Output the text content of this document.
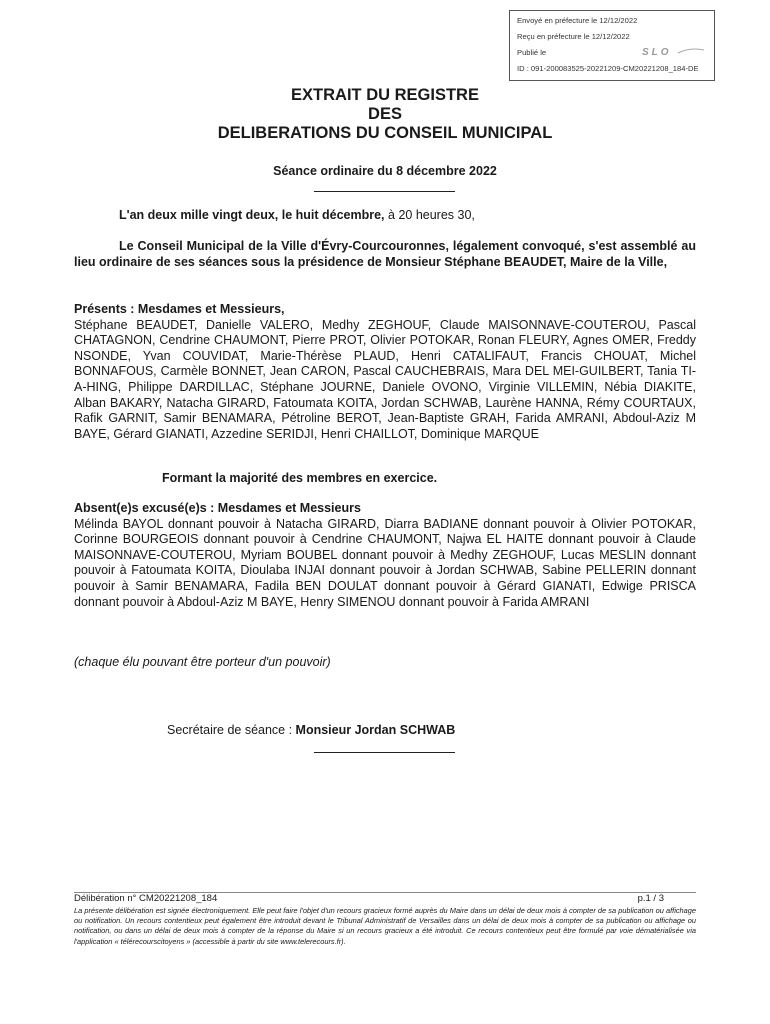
Envoyé en préfecture le 12/12/2022
Reçu en préfecture le 12/12/2022
Publié le
ID : 091-200083525-20221209-CM20221208_184-DE
SLO
EXTRAIT DU REGISTRE
DES
DELIBERATIONS DU CONSEIL MUNICIPAL
Séance ordinaire du 8 décembre 2022

L'an deux mille vingt deux, le huit décembre, à 20 heures 30,

Le Conseil Municipal de la Ville d'Évry-Courcouronnes, légalement convoqué, s'est assemblé au lieu ordinaire de ses séances sous la présidence de Monsieur Stéphane BEAUDET, Maire de la Ville,

Présents : Mesdames et Messieurs,

Stéphane BEAUDET, Danielle VALERO, Medhy ZEGHOUF, Claude MAISONNAVE-COUTEROU, Pascal CHATAGNON, Cendrine CHAUMONT, Pierre PROT, Olivier POTOKAR, Ronan FLEURY, Agnes OMER, Freddy NSONDE, Yvan COUVIDAT, Marie-Thérèse PLAUD, Henri CATALIFAUT, Francis CHOUAT, Michel BONNAFOUS, Carmèle BONNET, Jean CARON, Pascal CAUCHEBRAIS, Mara DEL MEI-GUILBERT, Tania TI-A-HING, Philippe DARDILLAC, Stéphane JOURNE, Daniele OVONO, Virginie VILLEMIN, Nébia DIAKITE, Alban BAKARY, Natacha GIRARD, Fatoumata KOITA, Jordan SCHWAB, Laurène HANNA, Rémy COURTAUX, Rafik GARNIT, Samir BENAMARA, Pétroline BEROT, Jean-Baptiste GRAH, Farida AMRANI, Abdoul-Aziz M BAYE, Gérard GIANATI, Azzedine SERIDJI, Henri CHAILLOT, Dominique MARQUE

Formant la majorité des membres en exercice.

Absent(e)s excusé(e)s : Mesdames et Messieurs

Mélinda BAYOL donnant pouvoir à Natacha GIRARD, Diarra BADIANE donnant pouvoir à Olivier POTOKAR, Corinne BOURGEOIS donnant pouvoir à Cendrine CHAUMONT, Najwa EL HAITE donnant pouvoir à Claude MAISONNAVE-COUTEROU, Myriam BOUBEL donnant pouvoir à Medhy ZEGHOUF, Lucas MESLIN donnant pouvoir à Fatoumata KOITA, Dioulaba INJAI donnant pouvoir à Jordan SCHWAB, Sabine PELLERIN donnant pouvoir à Samir BENAMARA, Fadila BEN DOULAT donnant pouvoir à Gérard GIANATI, Edwige PRISCA donnant pouvoir à Abdoul-Aziz M BAYE, Henry SIMENOU donnant pouvoir à Farida AMRANI

(chaque élu pouvant être porteur d'un pouvoir)

Secrétaire de séance : Monsieur Jordan SCHWAB

Délibération n° CM20221208_184	p.1 / 3

La présente délibération est signée électroniquement. Elle peut faire l'objet d'un recours gracieux formé auprès du Maire dans un délai de deux mois à compter de sa publication ou affichage ou notification. Un recours contentieux peut également être introduit devant le Tribunal Administratif de Versailles dans un délai de deux mois à compter de sa publication ou affichage ou notification, ou dans un délai de deux mois à compter de la réponse du Maire si un recours gracieux a été introduit. Ce recours contentieux peut être formulé par voie dématérialisée via l'application « télérecourscitoyens » (accessible à partir du site www.telerecours.fr).
